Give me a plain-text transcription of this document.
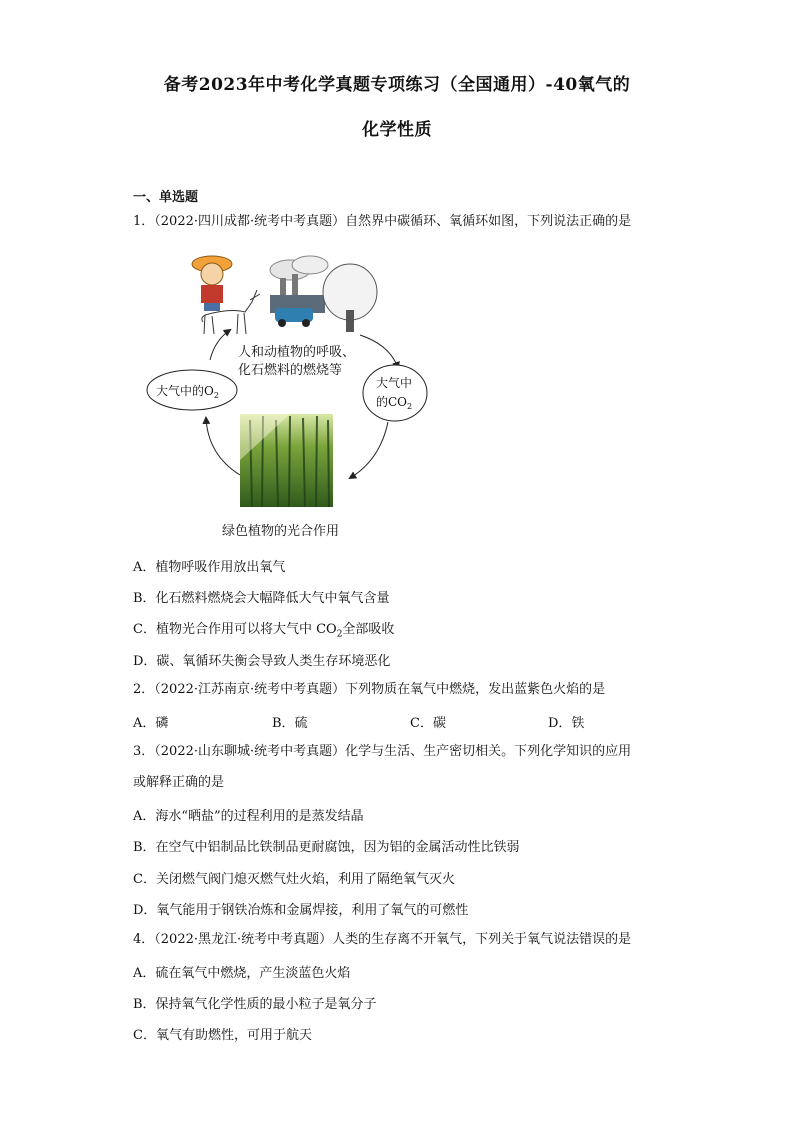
备考2023年中考化学真题专项练习（全国通用）-40氧气的
化学性质
一、单选题
1．（2022·四川成都·统考中考真题）自然界中碳循环、氧循环如图，下列说法正确的是
人和动植物的呼吸、
化石燃料的燃烧等
大气中的$O_2$
大气中
的$CO_2$
绿色植物的光合作用
A．植物呼吸作用放出氧气
B．化石燃料燃烧会大幅降低大气中氧气含量
C．植物光合作用可以将大气中 $CO_2$全部吸收
D．碳、氧循环失衡会导致人类生存环境恶化
2．（2022·江苏南京·统考中考真题）下列物质在氧气中燃烧，发出蓝紫色火焰的是
A．磷	B．硫	C．碳	D．铁
3．（2022·山东聊城·统考中考真题）化学与生活、生产密切相关。下列化学知识的应用
或解释正确的是
A．海水“晒盐”的过程利用的是蒸发结晶
B．在空气中铝制品比铁制品更耐腐蚀，因为铝的金属活动性比铁弱
C．关闭燃气阀门熄灭燃气灶火焰，利用了隔绝氧气灭火
D．氧气能用于钢铁冶炼和金属焊接，利用了氧气的可燃性
4．（2022·黑龙江·统考中考真题）人类的生存离不开氧气，下列关于氧气说法错误的是
A．硫在氧气中燃烧，产生淡蓝色火焰
B．保持氧气化学性质的最小粒子是氧分子
C．氧气有助燃性，可用于航天
